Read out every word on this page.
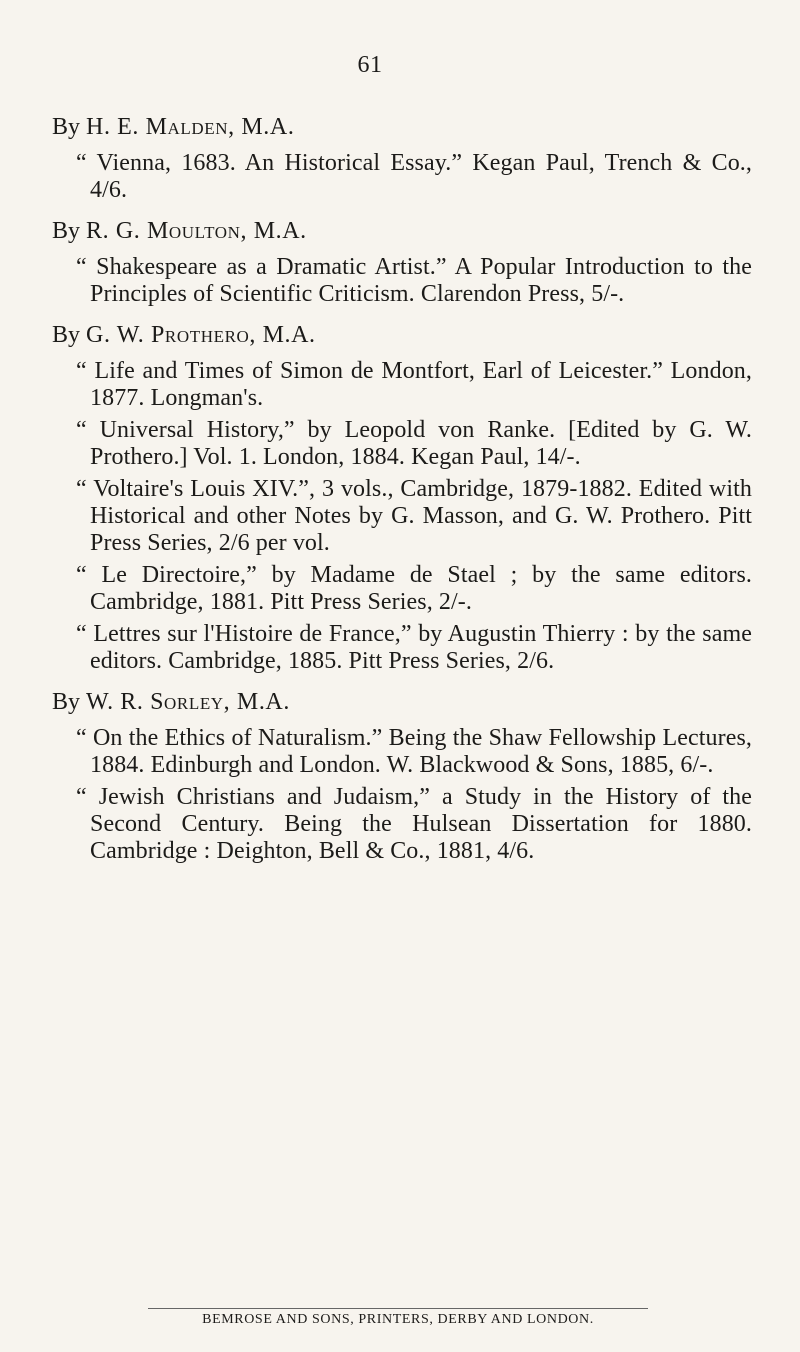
61
By H. E. Malden, M.A.
“ Vienna, 1683. An Historical Essay.” Kegan Paul, Trench & Co., 4/6.
By R. G. Moulton, M.A.
“ Shakespeare as a Dramatic Artist.” A Popular Introduction to the Principles of Scientific Criticism. Clarendon Press, 5/-.
By G. W. Prothero, M.A.
“ Life and Times of Simon de Montfort, Earl of Leicester.” London, 1877. Longman's.
“ Universal History,” by Leopold von Ranke. [Edited by G. W. Prothero.] Vol. 1. London, 1884. Kegan Paul, 14/-.
“ Voltaire's Louis XIV.”, 3 vols., Cambridge, 1879-1882. Edited with Historical and other Notes by G. Masson, and G. W. Prothero. Pitt Press Series, 2/6 per vol.
“ Le Directoire,” by Madame de Stael ; by the same editors. Cambridge, 1881. Pitt Press Series, 2/-.
“ Lettres sur l'Histoire de France,” by Augustin Thierry : by the same editors. Cambridge, 1885. Pitt Press Series, 2/6.
By W. R. Sorley, M.A.
“ On the Ethics of Naturalism.” Being the Shaw Fellowship Lectures, 1884. Edinburgh and London. W. Blackwood & Sons, 1885, 6/-.
“ Jewish Christians and Judaism,” a Study in the History of the Second Century. Being the Hulsean Dissertation for 1880. Cambridge : Deighton, Bell & Co., 1881, 4/6.
BEMROSE AND SONS, PRINTERS, DERBY AND LONDON.
